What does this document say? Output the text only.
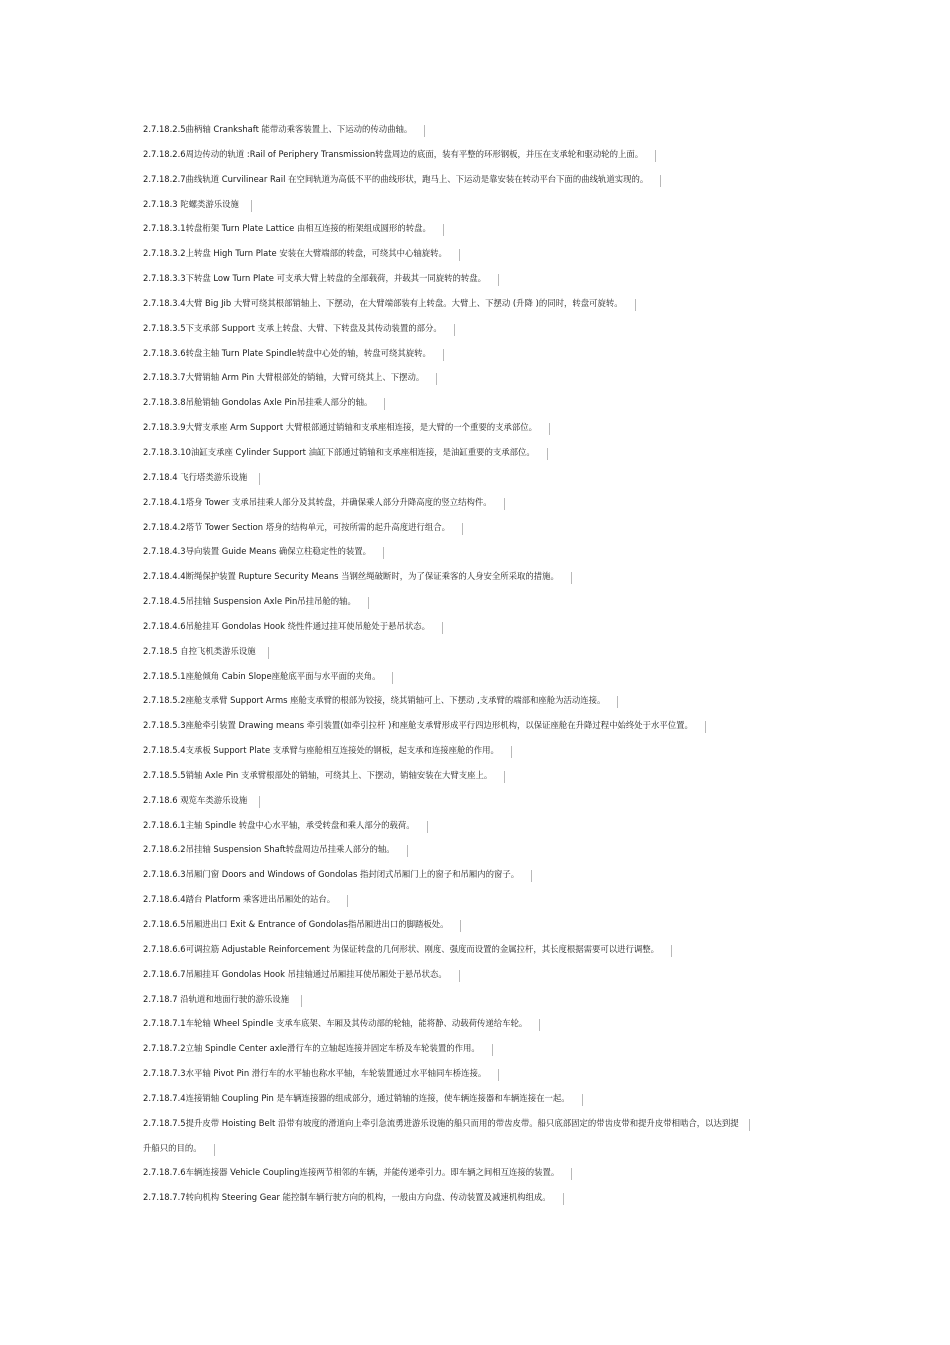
2.7.18.2.5曲柄轴 Crankshaft 能带动乘客装置上、下运动的传动曲轴。
2.7.18.2.6周边传动的轨道 :Rail of Periphery Transmission转盘周边的底面，装有平整的环形钢板，并压在支承轮和驱动轮的上面。
2.7.18.2.7曲线轨道 Curvilinear Rail 在空间轨道为高低不平的曲线形状，跑马上、下运动是靠安装在转动平台下面的曲线轨道实现的。
2.7.18.3 陀螺类游乐设施
2.7.18.3.1转盘桁架 Turn Plate Lattice 由相互连接的桁架组成圆形的转盘。
2.7.18.3.2上转盘 High Turn Plate 安装在大臂端部的转盘，可绕其中心轴旋转。
2.7.18.3.3下转盘 Low Turn Plate 可支承大臂上转盘的全部载荷，并载其一同旋转的转盘。
2.7.18.3.4大臂 Big Jib 大臂可绕其根部销轴上、下摆动，在大臂端部装有上转盘。大臂上、下摆动 (升降 )的同时，转盘可旋转。
2.7.18.3.5下支承部 Support 支承上转盘、大臂、下转盘及其传动装置的部分。
2.7.18.3.6转盘主轴 Turn Plate Spindle转盘中心处的轴，转盘可绕其旋转。
2.7.18.3.7大臂销轴 Arm Pin 大臂根部处的销轴，大臂可绕其上、下摆动。
2.7.18.3.8吊舱销轴 Gondolas Axle Pin吊挂乘人部分的轴。
2.7.18.3.9大臂支承座 Arm Support 大臂根部通过销轴和支承座相连接，是大臂的一个重要的支承部位。
2.7.18.3.10油缸支承座 Cylinder Support 油缸下部通过销轴和支承座相连接，是油缸重要的支承部位。
2.7.18.4 飞行塔类游乐设施
2.7.18.4.1塔身 Tower 支承吊挂乘人部分及其转盘，并确保乘人部分升降高度的竖立结构件。
2.7.18.4.2塔节 Tower Section 塔身的结构单元，可按所需的起升高度进行组合。
2.7.18.4.3导向装置 Guide Means 确保立柱稳定性的装置。
2.7.18.4.4断绳保护装置 Rupture Security Means 当钢丝绳破断时，为了保证乘客的人身安全所采取的措施。
2.7.18.4.5吊挂轴 Suspension Axle Pin吊挂吊舱的轴。
2.7.18.4.6吊舱挂耳 Gondolas Hook 绕性件通过挂耳使吊舱处于悬吊状态。
2.7.18.5 自控飞机类游乐设施
2.7.18.5.1座舱倾角 Cabin Slope座舱底平面与水平面的夹角。
2.7.18.5.2座舱支承臂 Support Arms 座舱支承臂的根部为铰接，绕其销轴可上、下摆动 ,支承臂的端部和座舱为活动连接。
2.7.18.5.3座舱牵引装置 Drawing means 牵引装置(如牵引拉杆 )和座舱支承臂形成平行四边形机构，以保证座舱在升降过程中始终处于水平位置。
2.7.18.5.4支承板 Support Plate 支承臂与座舱相互连接处的钢板，起支承和连接座舱的作用。
2.7.18.5.5销轴 Axle Pin 支承臂根部处的销轴，可绕其上、下摆动，销轴安装在大臂支座上。
2.7.18.6 观览车类游乐设施
2.7.18.6.1主轴 Spindle 转盘中心水平轴，承受转盘和乘人部分的载荷。
2.7.18.6.2吊挂轴 Suspension Shaft转盘周边吊挂乘人部分的轴。
2.7.18.6.3吊厢门窗 Doors and Windows of Gondolas 指封闭式吊厢门上的窗子和吊厢内的窗子。
2.7.18.6.4踏台 Platform 乘客进出吊厢处的站台。
2.7.18.6.5吊厢进出口 Exit & Entrance of Gondolas指吊厢进出口的脚踏板处。
2.7.18.6.6可调拉筋 Adjustable Reinforcement 为保证转盘的几何形状、刚度、强度而设置的金属拉杆，其长度根据需要可以进行调整。
2.7.18.6.7吊厢挂耳 Gondolas Hook 吊挂轴通过吊厢挂耳使吊厢处于悬吊状态。
2.7.18.7 沿轨道和地面行驶的游乐设施
2.7.18.7.1车轮轴 Wheel Spindle 支承车底架、车厢及其传动部的轮轴，能将静、动载荷传递给车轮。
2.7.18.7.2立轴 Spindle Center axle滑行车的立轴起连接并固定车桥及车轮装置的作用。
2.7.18.7.3水平轴 Pivot Pin 滑行车的水平轴也称水平轴，车轮装置通过水平轴同车桥连接。
2.7.18.7.4连接销轴 Coupling Pin 是车辆连接器的组成部分，通过销轴的连接，使车辆连接器和车辆连接在一起。
2.7.18.7.5提升皮带 Hoisting Belt 沿带有坡度的滑道向上牵引急流勇进游乐设施的船只而用的带齿皮带。船只底部固定的带齿皮带和提升皮带相啮合，以达到提
升船只的目的。
2.7.18.7.6车辆连接器 Vehicle Coupling连接两节相邻的车辆，并能传递牵引力。即车辆之间相互连接的装置。
2.7.18.7.7转向机构 Steering Gear 能控制车辆行驶方向的机构，一般由方向盘、传动装置及减速机构组成。
